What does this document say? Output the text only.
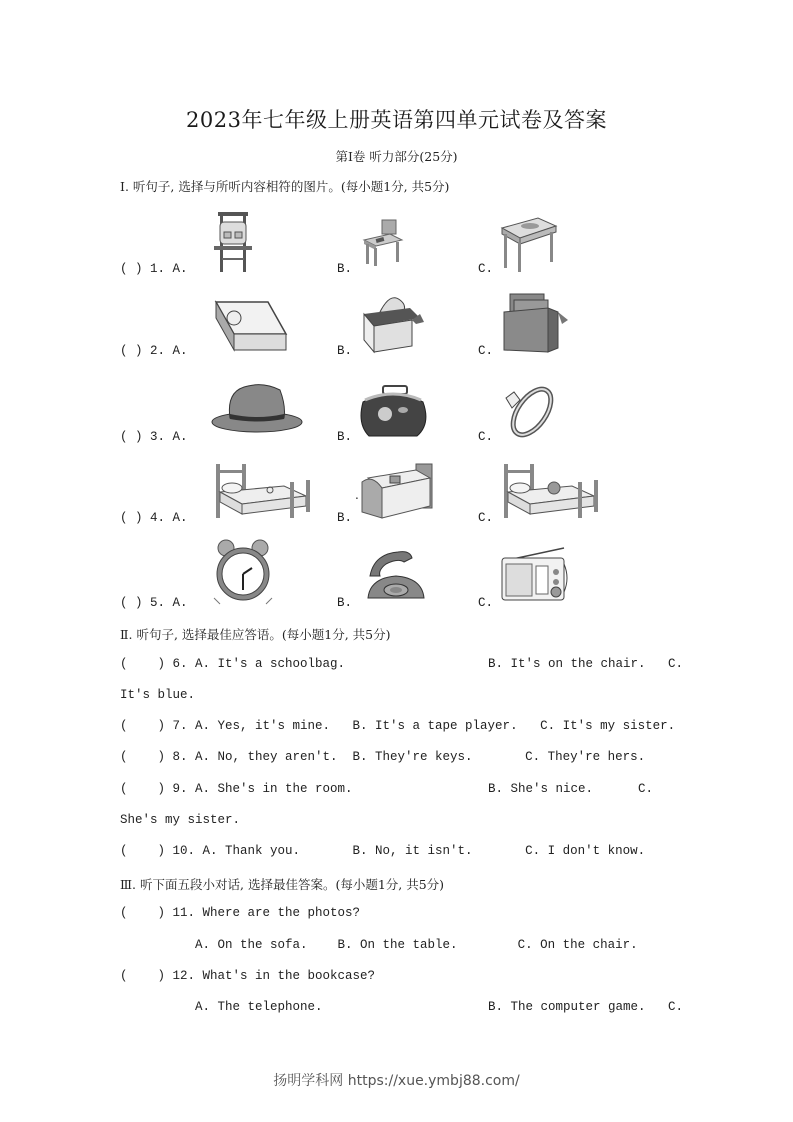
2023年七年级上册英语第四单元试卷及答案
第Ⅰ卷 听力部分(25分)
Ⅰ. 听句子, 选择与所听内容相符的图片。(每小题1分, 共5分)
( ) 1. A.	B.	C.
( ) 2. A.	B.	C.
( ) 3. A.	B.	C.
( ) 4. A.	B.	C.
.
( ) 5. A.	B.	C.
Ⅱ. 听句子, 选择最佳应答语。(每小题1分, 共5分)
(    ) 6. A. It's a schoolbag.	B. It's on the chair.   C.
It's blue.
(    ) 7. A. Yes, it's mine.   B. It's a tape player.   C. It's my sister.
(    ) 8. A. No, they aren't.  B. They're keys.       C. They're hers.
(    ) 9. A. She's in the room.	B. She's nice.      C.
She's my sister.
(    ) 10. A. Thank you.       B. No, it isn't.       C. I don't know.
Ⅲ. 听下面五段小对话, 选择最佳答案。(每小题1分, 共5分)
(    ) 11. Where are the photos?
A. On the sofa.    B. On the table.        C. On the chair.
(    ) 12. What's in the bookcase?
A. The telephone.	B. The computer game.   C.
扬明学科网 https://xue.ymbj88.com/
